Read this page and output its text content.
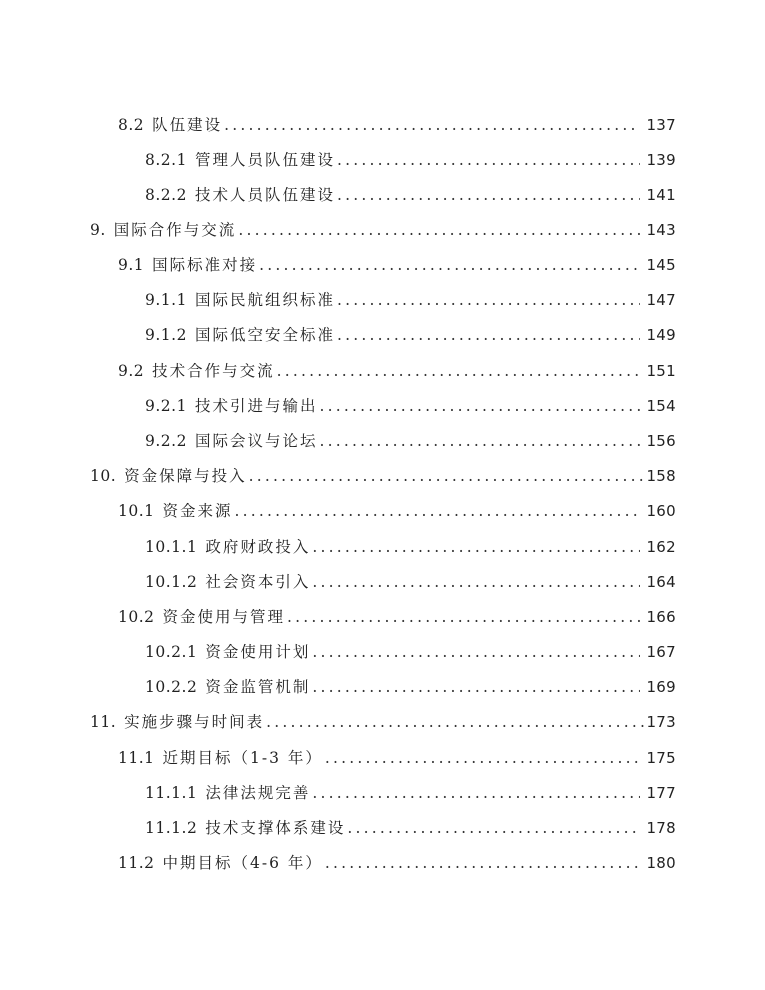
8.2 队伍建设 .....	137
8.2.1 管理人员队伍建设 .....	139
8.2.2 技术人员队伍建设 .....	141
9. 国际合作与交流 .....	143
9.1 国际标准对接 .....	145
9.1.1 国际民航组织标准 .....	147
9.1.2 国际低空安全标准 .....	149
9.2 技术合作与交流 .....	151
9.2.1 技术引进与输出 .....	154
9.2.2 国际会议与论坛 .....	156
10. 资金保障与投入 .....	158
10.1 资金来源 .....	160
10.1.1 政府财政投入 .....	162
10.1.2 社会资本引入 .....	164
10.2 资金使用与管理 .....	166
10.2.1 资金使用计划 .....	167
10.2.2 资金监管机制 .....	169
11. 实施步骤与时间表 .....	173
11.1 近期目标（1-3 年） .....	175
11.1.1 法律法规完善 .....	177
11.1.2 技术支撑体系建设 .....	178
11.2 中期目标（4-6 年） .....	180
